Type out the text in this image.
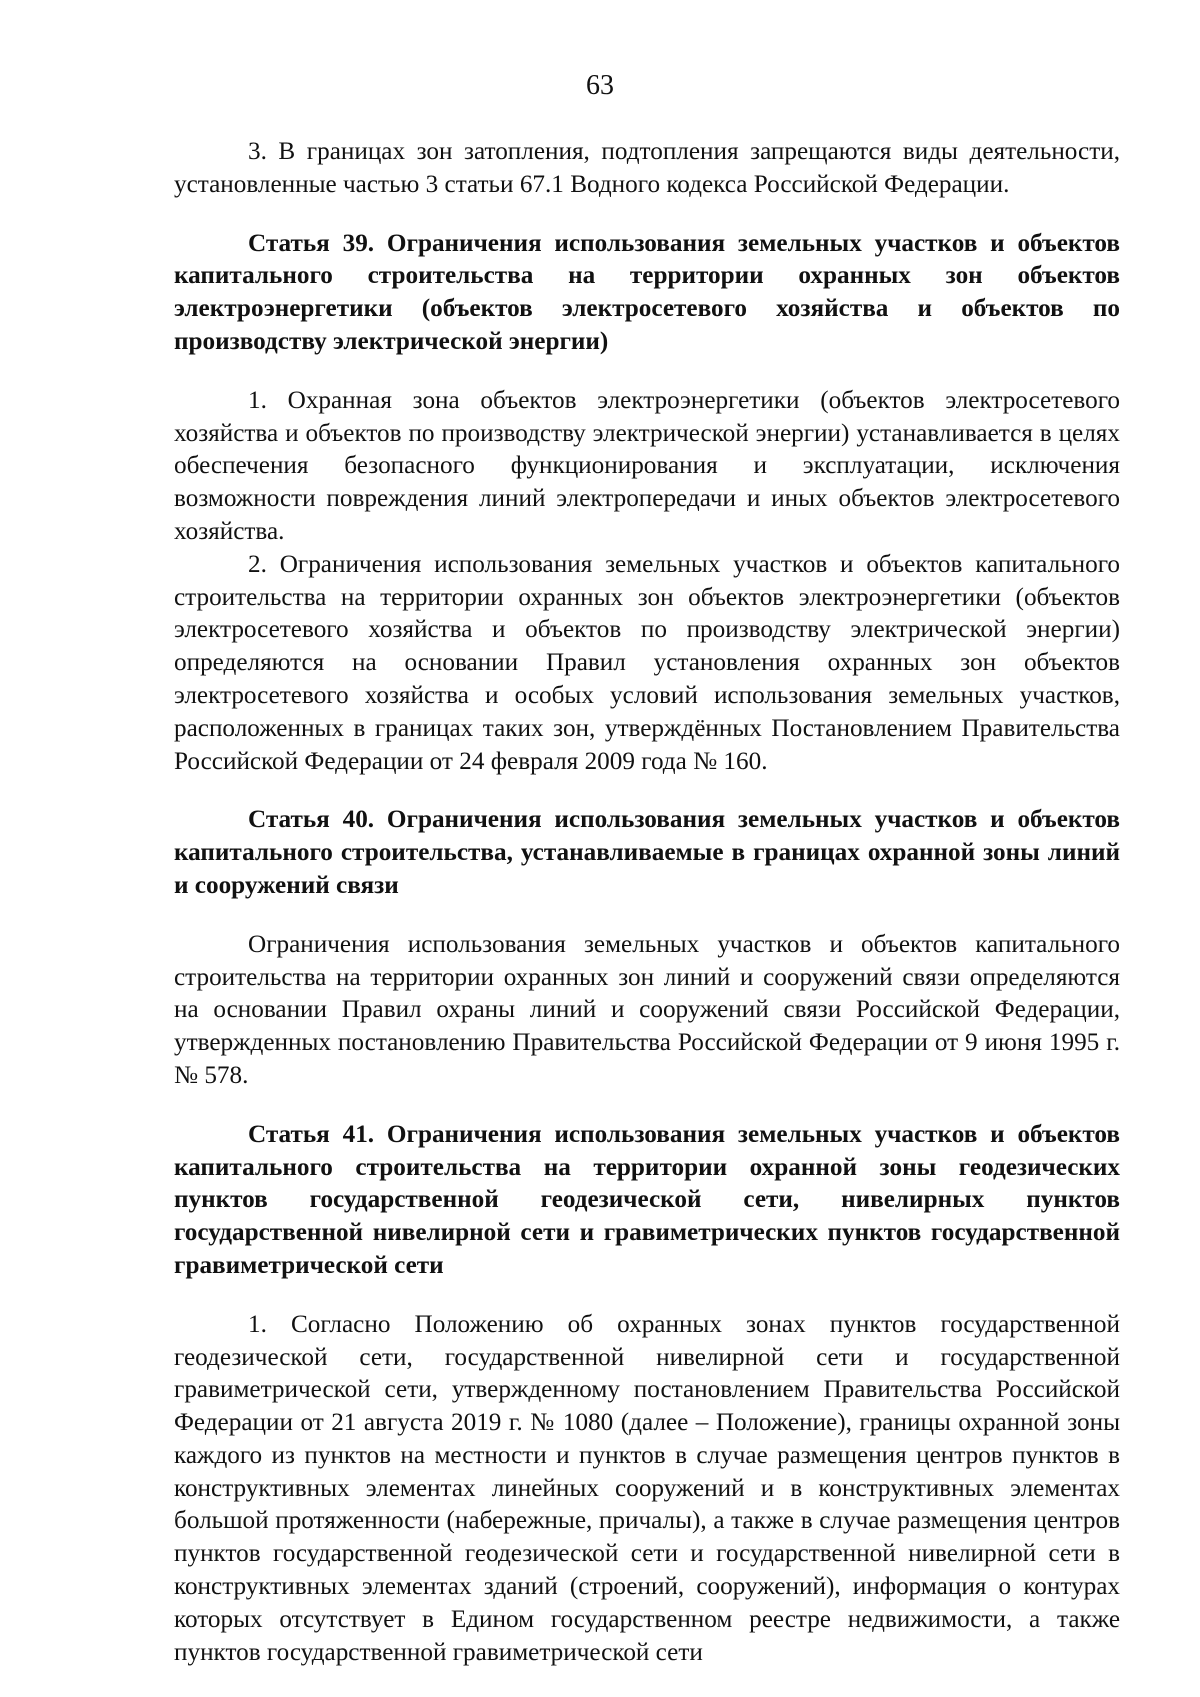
63

3. В границах зон затопления, подтопления запрещаются виды деятельности, установленные частью 3 статьи 67.1 Водного кодекса Российской Федерации.

Статья 39. Ограничения использования земельных участков и объектов капитального строительства на территории охранных зон объектов электроэнергетики (объектов электросетевого хозяйства и объектов по производству электрической энергии)

1. Охранная зона объектов электроэнергетики (объектов электросетевого хозяйства и объектов по производству электрической энергии) устанавливается в целях обеспечения безопасного функционирования и эксплуатации, исключения возможности повреждения линий электропередачи и иных объектов электросетевого хозяйства.

2. Ограничения использования земельных участков и объектов капитального строительства на территории охранных зон объектов электроэнергетики (объектов электросетевого хозяйства и объектов по производству электрической энергии) определяются на основании Правил установления охранных зон объектов электросетевого хозяйства и особых условий использования земельных участков, расположенных в границах таких зон, утверждённых Постановлением Правительства Российской Федерации от 24 февраля 2009 года № 160.

Статья 40. Ограничения использования земельных участков и объектов капитального строительства, устанавливаемые в границах охранной зоны линий и сооружений связи

Ограничения использования земельных участков и объектов капитального строительства на территории охранных зон линий и сооружений связи определяются на основании Правил охраны линий и сооружений связи Российской Федерации, утвержденных постановлению Правительства Российской Федерации от 9 июня 1995 г. № 578.

Статья 41. Ограничения использования земельных участков и объектов капитального строительства на территории охранной зоны геодезических пунктов государственной геодезической сети, нивелирных пунктов государственной нивелирной сети и гравиметрических пунктов государственной гравиметрической сети

1. Согласно Положению об охранных зонах пунктов государственной геодезической сети, государственной нивелирной сети и государственной гравиметрической сети, утвержденному постановлением Правительства Российской Федерации от 21 августа 2019 г. № 1080 (далее – Положение), границы охранной зоны каждого из пунктов на местности и пунктов в случае размещения центров пунктов в конструктивных элементах линейных сооружений и в конструктивных элементах большой протяженности (набережные, причалы), а также в случае размещения центров пунктов государственной геодезической сети и государственной нивелирной сети в конструктивных элементах зданий (строений, сооружений), информация о контурах которых отсутствует в Едином государственном реестре недвижимости, а также пунктов государственной гравиметрической сети
